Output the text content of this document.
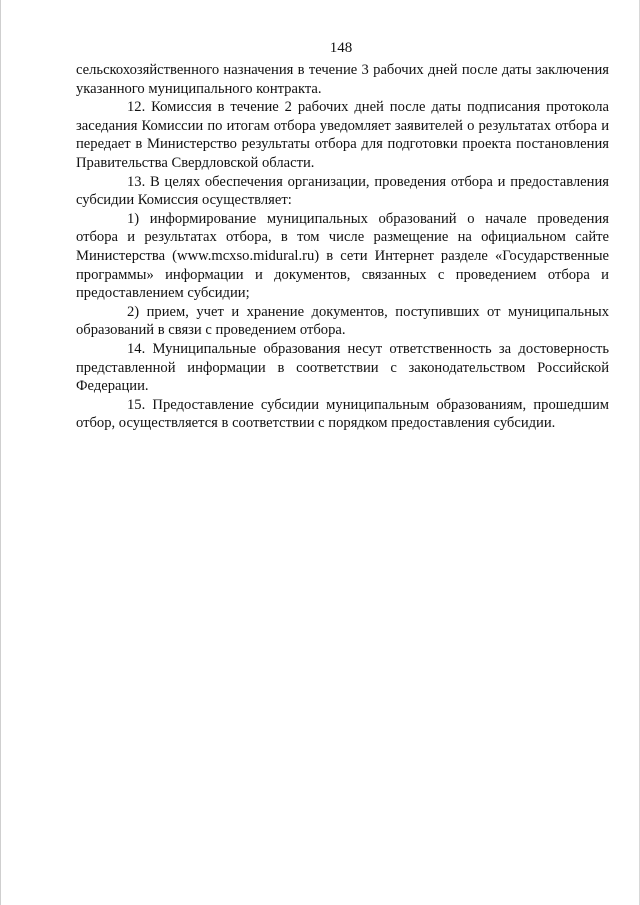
148

сельскохозяйственного назначения в течение 3 рабочих дней после даты заключения указанного муниципального контракта.

12. Комиссия в течение 2 рабочих дней после даты подписания протокола заседания Комиссии по итогам отбора уведомляет заявителей о результатах отбора и передает в Министерство результаты отбора для подготовки проекта постановления Правительства Свердловской области.

13. В целях обеспечения организации, проведения отбора и предоставления субсидии Комиссия осуществляет:

1) информирование муниципальных образований о начале проведения отбора и результатах отбора, в том числе размещение на официальном сайте Министерства (www.mcxso.midural.ru) в сети Интернет разделе «Государственные программы» информации и документов, связанных с проведением отбора и предоставлением субсидии;

2) прием, учет и хранение документов, поступивших от муниципальных образований в связи с проведением отбора.

14. Муниципальные образования несут ответственность за достоверность представленной информации в соответствии с законодательством Российской Федерации.

15. Предоставление субсидии муниципальным образованиям, прошедшим отбор, осуществляется в соответствии с порядком предоставления субсидии.
